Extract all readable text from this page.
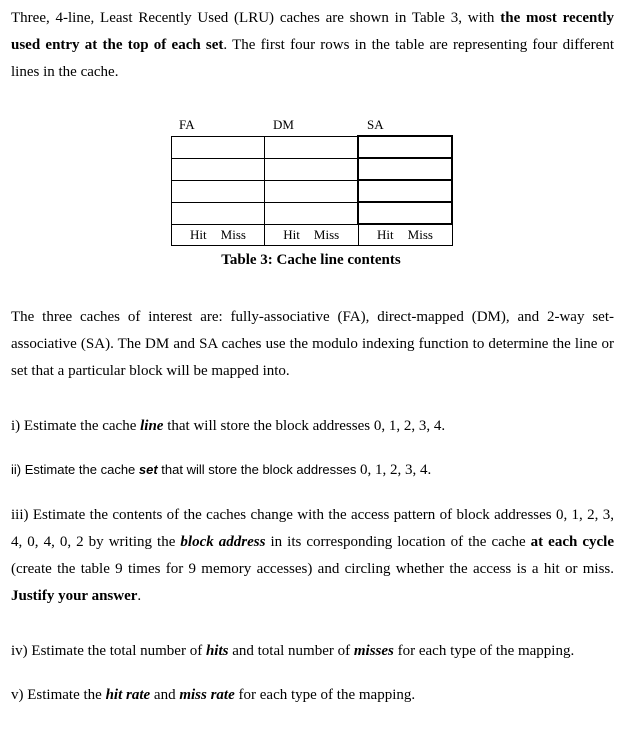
Three, 4-line, Least Recently Used (LRU) caches are shown in Table 3, with the most recently used entry at the top of each set. The first four rows in the table are representing four different lines in the cache.
FA	DM	SA

Hit Miss	Hit Miss	Hit Miss
Table 3: Cache line contents
The three caches of interest are: fully-associative (FA), direct-mapped (DM), and 2-way set-associative (SA). The DM and SA caches use the modulo indexing function to determine the line or set that a particular block will be mapped into.
i) Estimate the cache line that will store the block addresses 0, 1, 2, 3, 4.
ii) Estimate the cache set that will store the block addresses 0, 1, 2, 3, 4.
iii) Estimate the contents of the caches change with the access pattern of block addresses 0, 1, 2, 3, 4, 0, 4, 0, 2 by writing the block address in its corresponding location of the cache at each cycle (create the table 9 times for 9 memory accesses) and circling whether the access is a hit or miss. Justify your answer.
iv) Estimate the total number of hits and total number of misses for each type of the mapping.
v) Estimate the hit rate and miss rate for each type of the mapping.
